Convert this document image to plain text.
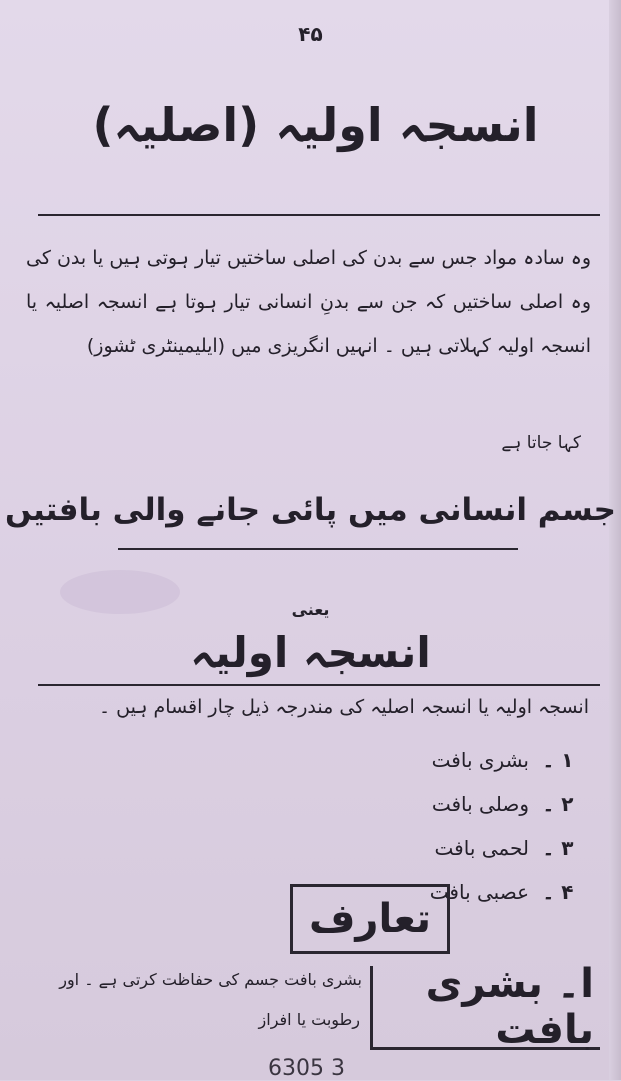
۴۵
انسجہ اولیہ (اصلیہ)
وہ سادہ مواد جس سے بدن کی اصلی ساختیں تیار ہوتی ہیں یا بدن کی وہ اصلی ساختیں کہ جن سے بدنِ انسانی تیار ہوتا ہے انسجہ اصلیہ یا انسجہ اولیہ کہلاتی ہیں ۔ انہیں انگریزی میں (ایلیمینٹری ٹشوز)
کہا جاتا ہے
جسم انسانی میں پائی جانے والی بافتیں
یعنی
انسجہ اولیہ
انسجہ اولیہ یا انسجہ اصلیہ کی مندرجہ ذیل چار اقسام ہیں ۔
۱ ۔
بشری بافت
۲ ۔
وصلی بافت
۳ ۔
لحمی بافت
۴ ۔
عصبی بافت
تعارف
بشری بافت جسم کی حفاظت کرتی ہے ۔ اور
رطوبت یا افراز
ا۔ بشری بافت
6305 3
